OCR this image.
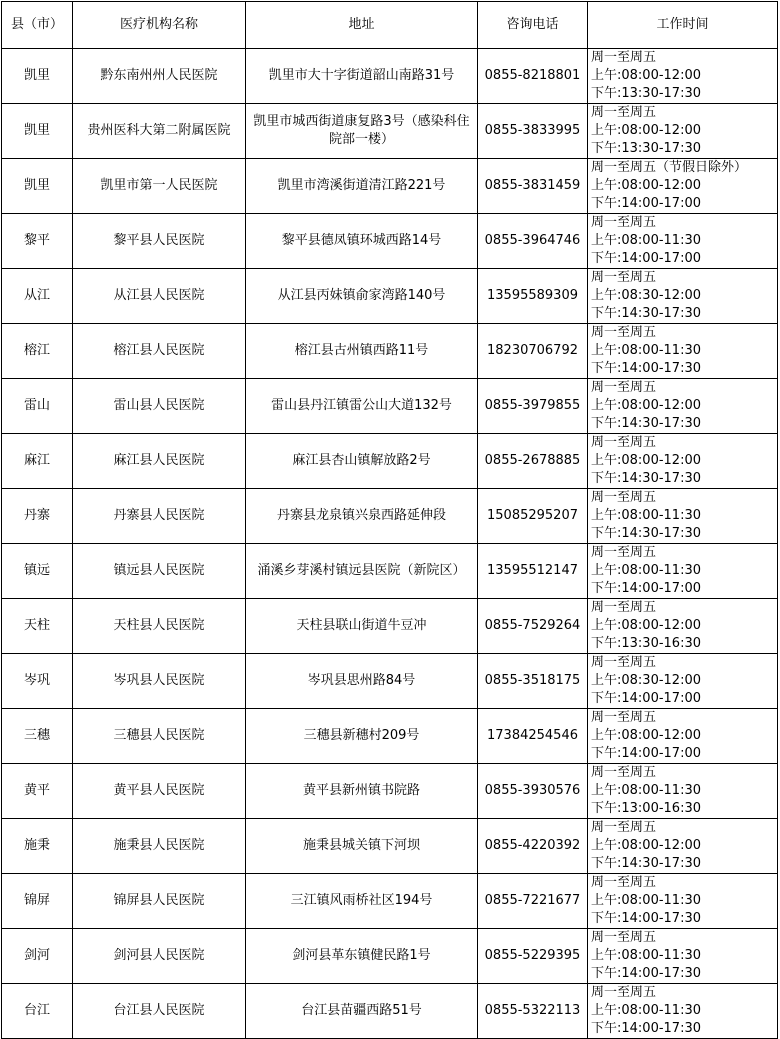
县（市）	医疗机构名称	地址	咨询电话	工作时间
凯里	黔东南州州人民医院	凯里市大十字街道韶山南路31号	0855-8218801	周一至周五
上午:08:00-12:00
下午:13:30-17:30

凯里	贵州医科大第二附属医院	凯里市城西街道康复路3号（感染科住院部一楼）	0855-3833995	周一至周五
上午:08:00-12:00
下午:13:30-17:30

凯里	凯里市第一人民医院	凯里市湾溪街道清江路221号	0855-3831459	周一至周五（节假日除外）
上午:08:00-12:00
下午:14:00-17:00

黎平	黎平县人民医院	黎平县德凤镇环城西路14号	0855-3964746	周一至周五
上午:08:00-11:30
下午:14:00-17:00

从江	从江县人民医院	从江县丙妹镇俞家湾路140号	13595589309	周一至周五
上午:08:30-12:00
下午:14:30-17:30

榕江	榕江县人民医院	榕江县古州镇西路11号	18230706792	周一至周五
上午:08:00-11:30
下午:14:00-17:30

雷山	雷山县人民医院	雷山县丹江镇雷公山大道132号	0855-3979855	周一至周五
上午:08:00-12:00
下午:14:30-17:30

麻江	麻江县人民医院	麻江县杏山镇解放路2号	0855-2678885	周一至周五
上午:08:00-12:00
下午:14:30-17:30

丹寨	丹寨县人民医院	丹寨县龙泉镇兴泉西路延伸段	15085295207	周一至周五
上午:08:00-11:30
下午:14:30-17:30

镇远	镇远县人民医院	涌溪乡芽溪村镇远县医院（新院区）	13595512147	周一至周五
上午:08:00-11:30
下午:14:00-17:00

天柱	天柱县人民医院	天柱县联山街道牛豆冲	0855-7529264	周一至周五
上午:08:00-12:00
下午:13:30-16:30

岑巩	岑巩县人民医院	岑巩县思州路84号	0855-3518175	周一至周五
上午:08:30-12:00
下午:14:00-17:00

三穗	三穗县人民医院	三穗县新穗村209号	17384254546	周一至周五
上午:08:00-12:00
下午:14:00-17:00

黄平	黄平县人民医院	黄平县新州镇书院路	0855-3930576	周一至周五
上午:08:00-11:30
下午:13:00-16:30

施秉	施秉县人民医院	施秉县城关镇下河坝	0855-4220392	周一至周五
上午:08:00-12:00
下午:14:30-17:30

锦屏	锦屏县人民医院	三江镇风雨桥社区194号	0855-7221677	周一至周五
上午:08:00-11:30
下午:14:00-17:30

剑河	剑河县人民医院	剑河县革东镇健民路1号	0855-5229395	周一至周五
上午:08:00-11:30
下午:14:00-17:30

台江	台江县人民医院	台江县苗疆西路51号	0855-5322113	周一至周五
上午:08:00-11:30
下午:14:00-17:30
